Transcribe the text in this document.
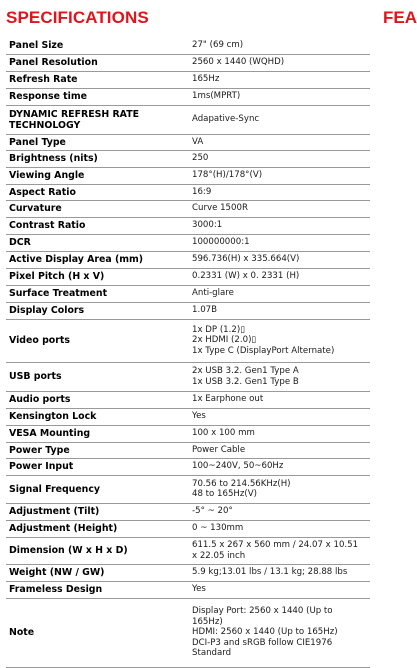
SPECIFICATIONS	FEA
Panel Size	27" (69 cm)

Panel Resolution	2560 x 1440 (WQHD)

Refresh Rate	165Hz

Response time	1ms(MPRT)

DYNAMIC REFRESH RATE TECHNOLOGY	Adapative-Sync

Panel Type	VA

Brightness (nits)	250

Viewing Angle	178°(H)/178°(V)

Aspect Ratio	16:9

Curvature	Curve 1500R

Contrast Ratio	3000:1

DCR	100000000:1

Active Display Area (mm)	596.736(H) x 335.664(V)

Pixel Pitch (H x V)	0.2331 (W) x 0. 2331 (H)

Surface Treatment	Anti-glare

Display Colors	1.07B

Video ports	1x DP (1.2)▯
2x HDMI (2.0)▯
1x Type C (DisplayPort Alternate)

USB ports	2x USB 3.2. Gen1 Type A
1x USB 3.2. Gen1 Type B

Audio ports	1x Earphone out

Kensington Lock	Yes

VESA Mounting	100 x 100 mm

Power Type	Power Cable

Power Input	100~240V, 50~60Hz

Signal Frequency	70.56 to 214.56KHz(H)
48 to 165Hz(V)

Adjustment (Tilt)	-5° ~ 20°

Adjustment (Height)	0 ~ 130mm

Dimension (W x H x D)	611.5 x 267 x 560 mm / 24.07 x 10.51
x 22.05 inch

Weight (NW / GW)	5.9 kg;13.01 lbs / 13.1 kg; 28.88 lbs

Frameless Design	Yes

Note	Display Port: 2560 x 1440 (Up to
165Hz)
HDMI: 2560 x 1440 (Up to 165Hz)
DCI-P3 and sRGB follow CIE1976
Standard
